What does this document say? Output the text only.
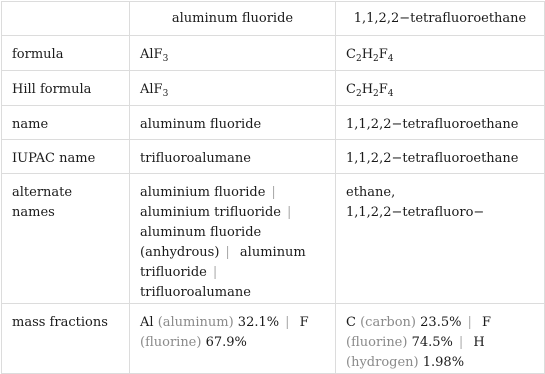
	aluminum fluoride	1,1,2,2−tetrafluoroethane
formula	AlF$_3$	$C_2H_2F_4$
Hill formula	AlF$_3$	$C_2H_2F_4$
name	aluminum fluoride	1,1,2,2−tetrafluoroethane
IUPAC name	trifluoroalumane	1,1,2,2−tetrafluoroethane
alternate names	aluminium fluoride | aluminium trifluoride | aluminum fluoride (anhydrous) | aluminum trifluoride | trifluoroalumane	ethane, 1,1,2,2−tetrafluoro−
mass fractions	Al (aluminum) 32.1% | F (fluorine) 67.9%	C (carbon) 23.5% | F (fluorine) 74.5% | H (hydrogen) 1.98%
